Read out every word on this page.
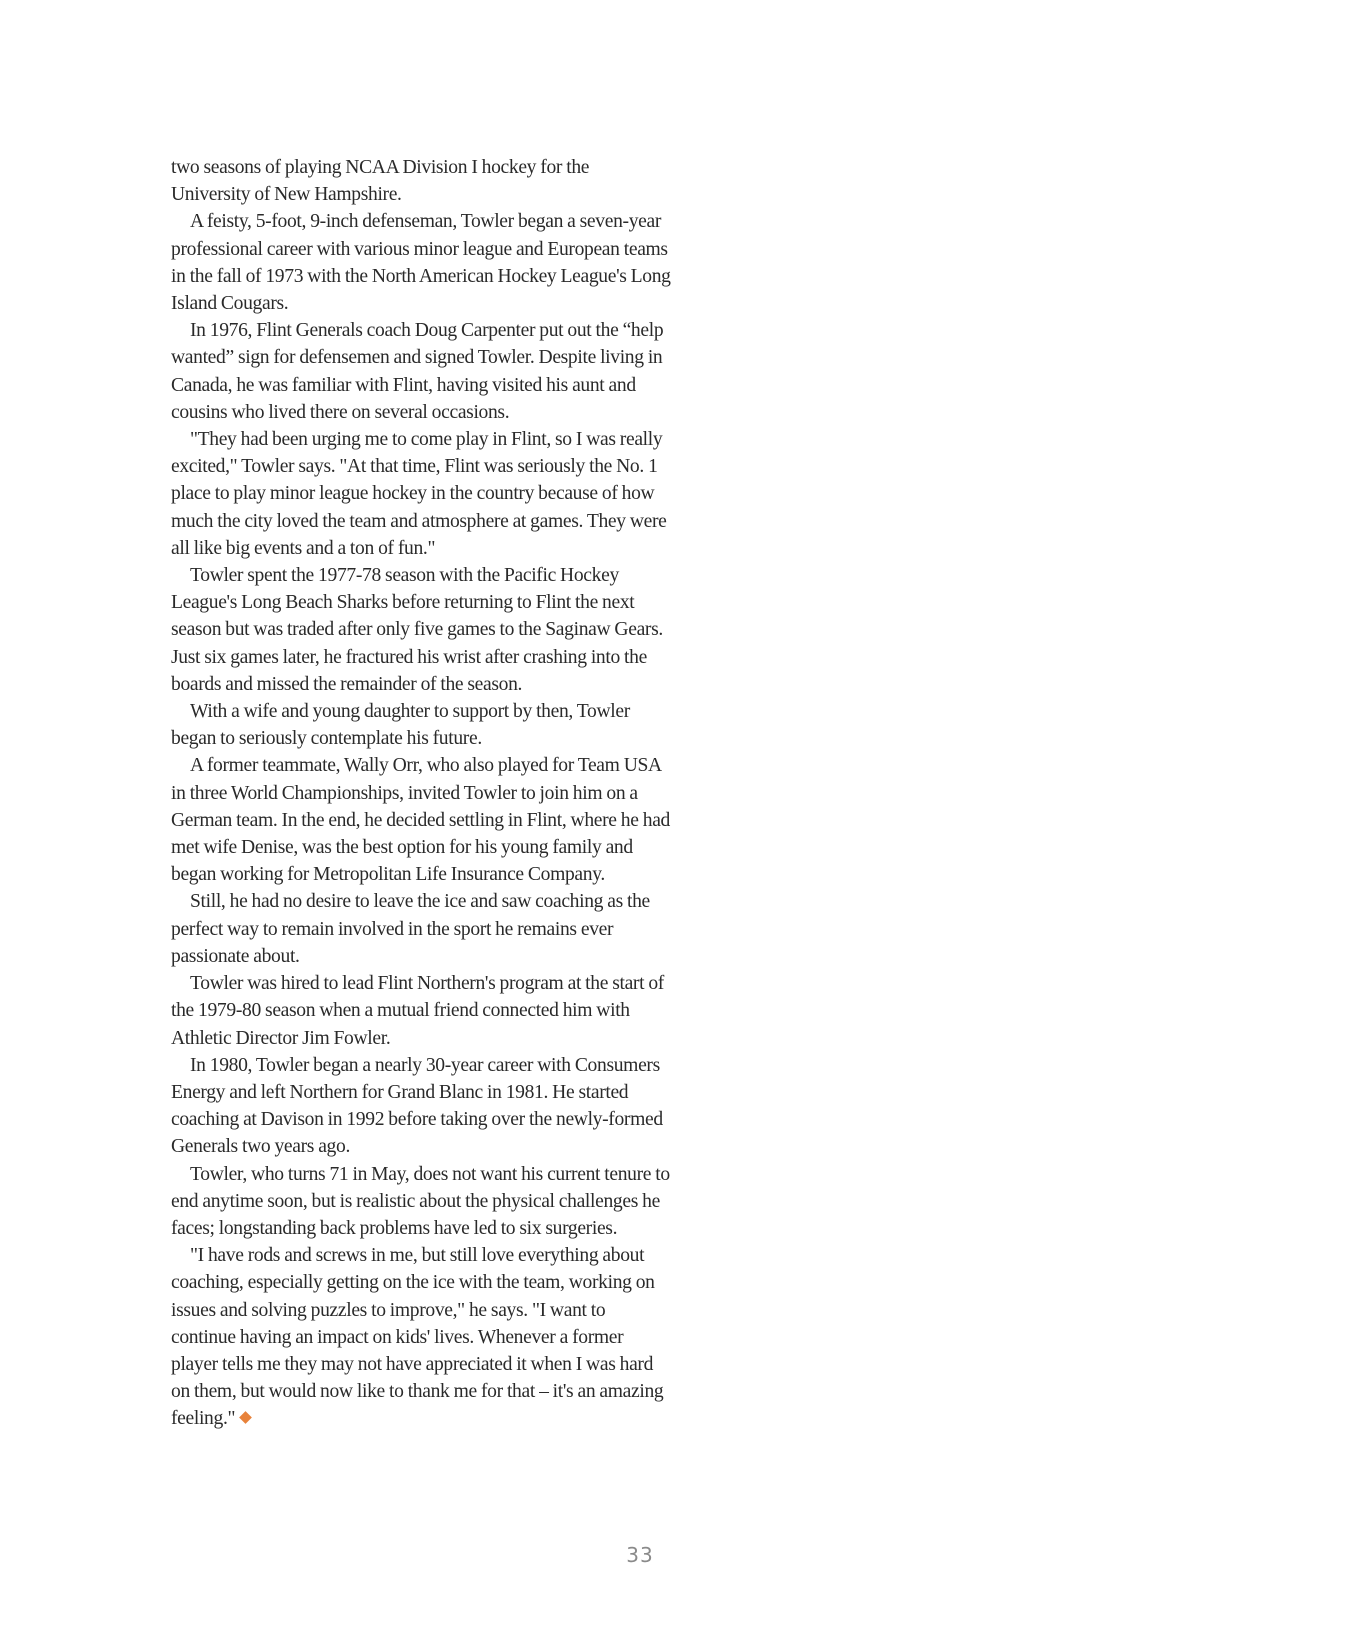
two seasons of playing NCAA Division I hockey for the University of New Hampshire.

A feisty, 5-foot, 9-inch defenseman, Towler began a seven-year professional career with various minor league and European teams in the fall of 1973 with the North American Hockey League's Long Island Cougars.

In 1976, Flint Generals coach Doug Carpenter put out the “help wanted” sign for defensemen and signed Towler. Despite living in Canada, he was familiar with Flint, having visited his aunt and cousins who lived there on several occasions.

"They had been urging me to come play in Flint, so I was really excited," Towler says. "At that time, Flint was seriously the No. 1 place to play minor league hockey in the country because of how much the city loved the team and atmosphere at games. They were all like big events and a ton of fun."

Towler spent the 1977-78 season with the Pacific Hockey League's Long Beach Sharks before returning to Flint the next season but was traded after only five games to the Saginaw Gears. Just six games later, he fractured his wrist after crashing into the boards and missed the remainder of the season.

With a wife and young daughter to support by then, Towler began to seriously contemplate his future.

A former teammate, Wally Orr, who also played for Team USA in three World Championships, invited Towler to join him on a German team. In the end, he decided settling in Flint, where he had met wife Denise, was the best option for his young family and began working for Metropolitan Life Insurance Company.

Still, he had no desire to leave the ice and saw coaching as the perfect way to remain involved in the sport he remains ever passionate about.

Towler was hired to lead Flint Northern's program at the start of the 1979-80 season when a mutual friend connected him with Athletic Director Jim Fowler.

In 1980, Towler began a nearly 30-year career with Consumers Energy and left Northern for Grand Blanc in 1981. He started coaching at Davison in 1992 before taking over the newly-formed Generals two years ago.

Towler, who turns 71 in May, does not want his current tenure to end anytime soon, but is realistic about the physical challenges he faces; longstanding back problems have led to six surgeries.

"I have rods and screws in me, but still love everything about coaching, especially getting on the ice with the team, working on issues and solving puzzles to improve," he says. "I want to continue having an impact on kids' lives. Whenever a former player tells me they may not have appreciated it when I was hard on them, but would now like to thank me for that – it's an amazing feeling."

33
